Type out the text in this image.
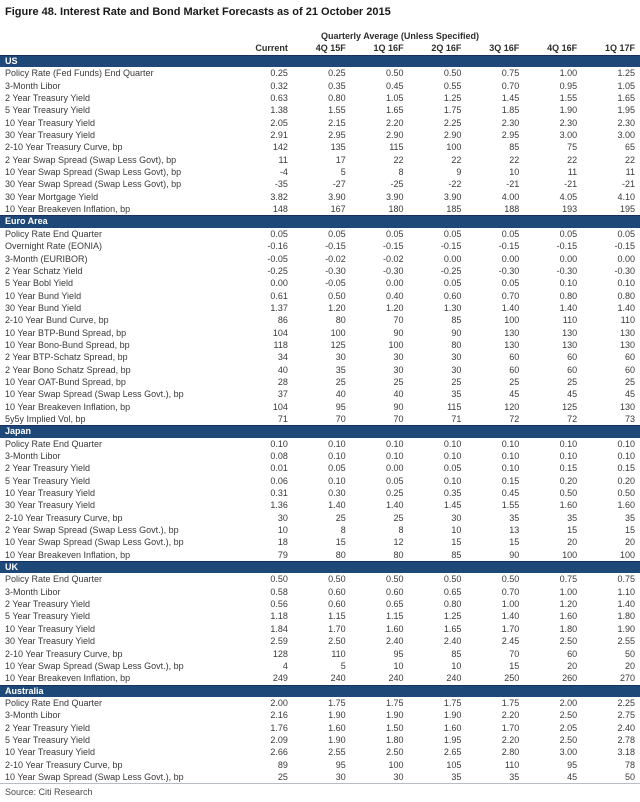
Figure 48. Interest Rate and Bond Market Forecasts as of 21 October 2015
Quarterly Average (Unless Specified)
Current	4Q 15F	1Q 16F	2Q 16F	3Q 16F	4Q 16F	1Q 17F
US
Policy Rate (Fed Funds) End Quarter	0.25	0.25	0.50	0.50	0.75	1.00	1.25
3-Month Libor	0.32	0.35	0.45	0.55	0.70	0.95	1.05
2 Year Treasury Yield	0.63	0.80	1.05	1.25	1.45	1.55	1.65
5 Year Treasury Yield	1.38	1.55	1.65	1.75	1.85	1.90	1.95
10 Year Treasury Yield	2.05	2.15	2.20	2.25	2.30	2.30	2.30
30 Year Treasury Yield	2.91	2.95	2.90	2.90	2.95	3.00	3.00
2-10 Year Treasury Curve, bp	142	135	115	100	85	75	65
2 Year Swap Spread (Swap Less Govt), bp	11	17	22	22	22	22	22
10 Year Swap Spread (Swap Less Govt), bp	-4	5	8	9	10	11	11
30 Year Swap Spread (Swap Less Govt), bp	-35	-27	-25	-22	-21	-21	-21
30 Year Mortgage Yield	3.82	3.90	3.90	3.90	4.00	4.05	4.10
10 Year Breakeven Inflation, bp	148	167	180	185	188	193	195
Euro Area
Policy Rate End Quarter	0.05	0.05	0.05	0.05	0.05	0.05	0.05
Overnight Rate (EONIA)	-0.16	-0.15	-0.15	-0.15	-0.15	-0.15	-0.15
3-Month (EURIBOR)	-0.05	-0.02	-0.02	0.00	0.00	0.00	0.00
2 Year Schatz Yield	-0.25	-0.30	-0.30	-0.25	-0.30	-0.30	-0.30
5 Year Bobl Yield	0.00	-0.05	0.00	0.05	0.05	0.10	0.10
10 Year Bund Yield	0.61	0.50	0.40	0.60	0.70	0.80	0.80
30 Year Bund Yield	1.37	1.20	1.20	1.30	1.40	1.40	1.40
2-10 Year Bund Curve, bp	86	80	70	85	100	110	110
10 Year BTP-Bund Spread, bp	104	100	90	90	130	130	130
10 Year Bono-Bund Spread, bp	118	125	100	80	130	130	130
2 Year BTP-Schatz Spread, bp	34	30	30	30	60	60	60
2 Year Bono Schatz Spread, bp	40	35	30	30	60	60	60
10 Year OAT-Bund Spread, bp	28	25	25	25	25	25	25
10 Year Swap Spread (Swap Less Govt.), bp	37	40	40	35	45	45	45
10 Year Breakeven Inflation, bp	104	95	90	115	120	125	130
5y5y Implied Vol, bp	71	70	70	71	72	72	73
Japan
Policy Rate End Quarter	0.10	0.10	0.10	0.10	0.10	0.10	0.10
3-Month Libor	0.08	0.10	0.10	0.10	0.10	0.10	0.10
2 Year Treasury Yield	0.01	0.05	0.00	0.05	0.10	0.15	0.15
5 Year Treasury Yield	0.06	0.10	0.05	0.10	0.15	0.20	0.20
10 Year Treasury Yield	0.31	0.30	0.25	0.35	0.45	0.50	0.50
30 Year Treasury Yield	1.36	1.40	1.40	1.45	1.55	1.60	1.60
2-10 Year Treasury Curve, bp	30	25	25	30	35	35	35
2 Year Swap Spread (Swap Less Govt.), bp	10	8	8	10	13	15	15
10 Year Swap Spread (Swap Less Govt.), bp	18	15	12	15	15	20	20
10 Year Breakeven Inflation, bp	79	80	80	85	90	100	100
UK
Policy Rate End Quarter	0.50	0.50	0.50	0.50	0.50	0.75	0.75
3-Month Libor	0.58	0.60	0.60	0.65	0.70	1.00	1.10
2 Year Treasury Yield	0.56	0.60	0.65	0.80	1.00	1.20	1.40
5 Year Treasury Yield	1.18	1.15	1.15	1.25	1.40	1.60	1.80
10 Year Treasury Yield	1.84	1.70	1.60	1.65	1.70	1.80	1.90
30 Year Treasury Yield	2.59	2.50	2.40	2.40	2.45	2.50	2.55
2-10 Year Treasury Curve, bp	128	110	95	85	70	60	50
10 Year Swap Spread (Swap Less Govt.), bp	4	5	10	10	15	20	20
10 Year Breakeven Inflation, bp	249	240	240	240	250	260	270
Australia
Policy Rate End Quarter	2.00	1.75	1.75	1.75	1.75	2.00	2.25
3-Month Libor	2.16	1.90	1.90	1.90	2.20	2.50	2.75
2 Year Treasury Yield	1.76	1.60	1.50	1.60	1.70	2.05	2.40
5 Year Treasury Yield	2.09	1.90	1.80	1.95	2.20	2.50	2.78
10 Year Treasury Yield	2.66	2.55	2.50	2.65	2.80	3.00	3.18
2-10 Year Treasury Curve, bp	89	95	100	105	110	95	78
10 Year Swap Spread (Swap Less Govt.), bp	25	30	30	35	35	45	50
Source: Citi Research
